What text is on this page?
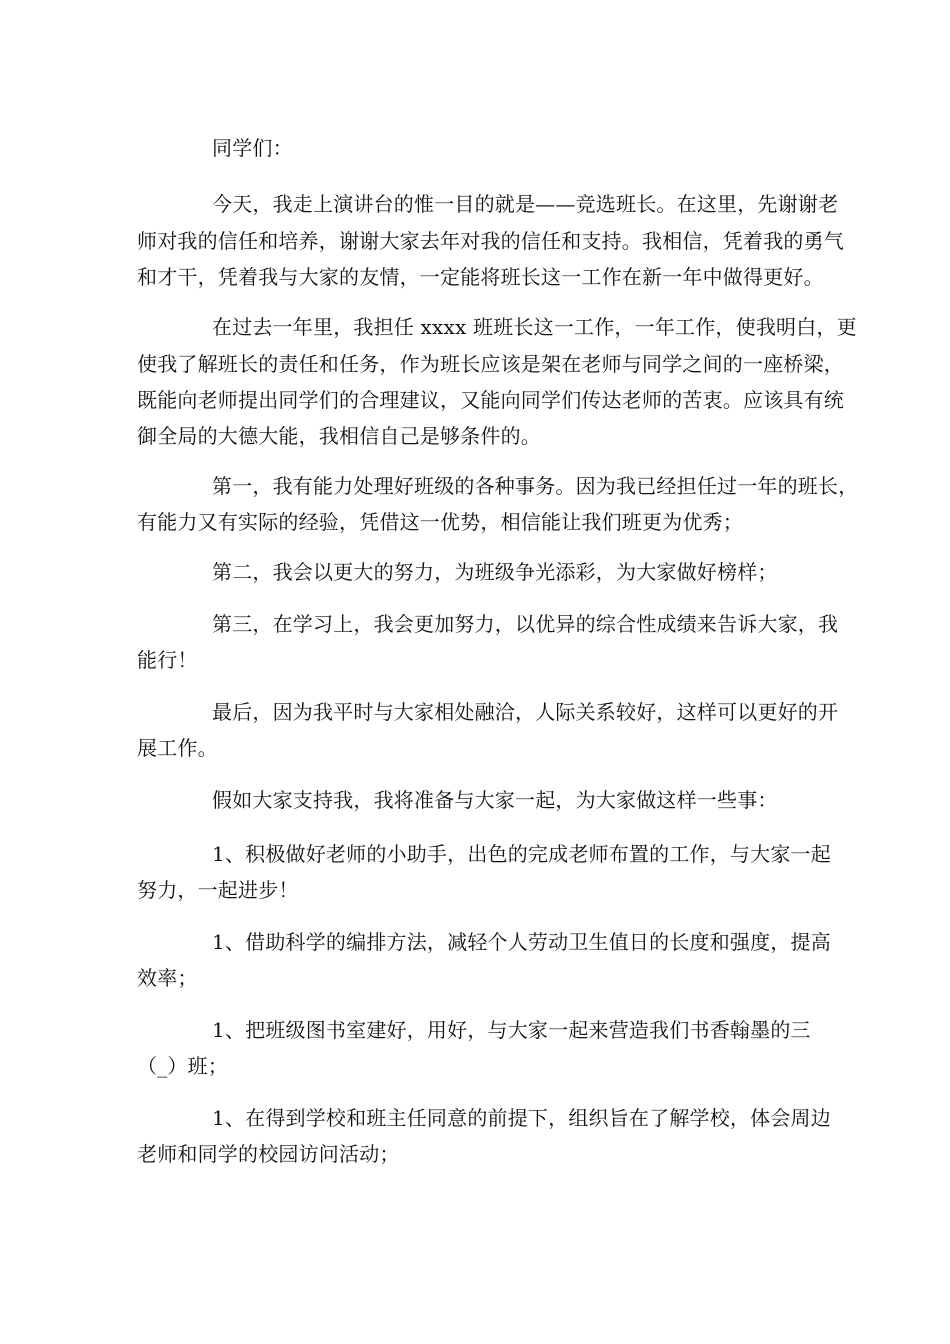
同学们：

今天，我走上演讲台的惟一目的就是——竞选班长。在这里，先谢谢老

师对我的信任和培养，谢谢大家去年对我的信任和支持。我相信，凭着我的勇气

和才干，凭着我与大家的友情，一定能将班长这一工作在新一年中做得更好。

在过去一年里，我担任 xxxx 班班长这一工作，一年工作，使我明白，更

使我了解班长的责任和任务，作为班长应该是架在老师与同学之间的一座桥梁，

既能向老师提出同学们的合理建议，又能向同学们传达老师的苦衷。应该具有统

御全局的大德大能，我相信自己是够条件的。

第一，我有能力处理好班级的各种事务。因为我已经担任过一年的班长，

有能力又有实际的经验，凭借这一优势，相信能让我们班更为优秀；

第二，我会以更大的努力，为班级争光添彩，为大家做好榜样；

第三，在学习上，我会更加努力，以优异的综合性成绩来告诉大家，我

能行！

最后，因为我平时与大家相处融洽，人际关系较好，这样可以更好的开

展工作。

假如大家支持我，我将准备与大家一起，为大家做这样一些事：

1、积极做好老师的小助手，出色的完成老师布置的工作，与大家一起

努力，一起进步！

1、借助科学的编排方法，减轻个人劳动卫生值日的长度和强度，提高

效率；

1、把班级图书室建好，用好，与大家一起来营造我们书香翰墨的三

（_）班；

1、在得到学校和班主任同意的前提下，组织旨在了解学校，体会周边

老师和同学的校园访问活动；
